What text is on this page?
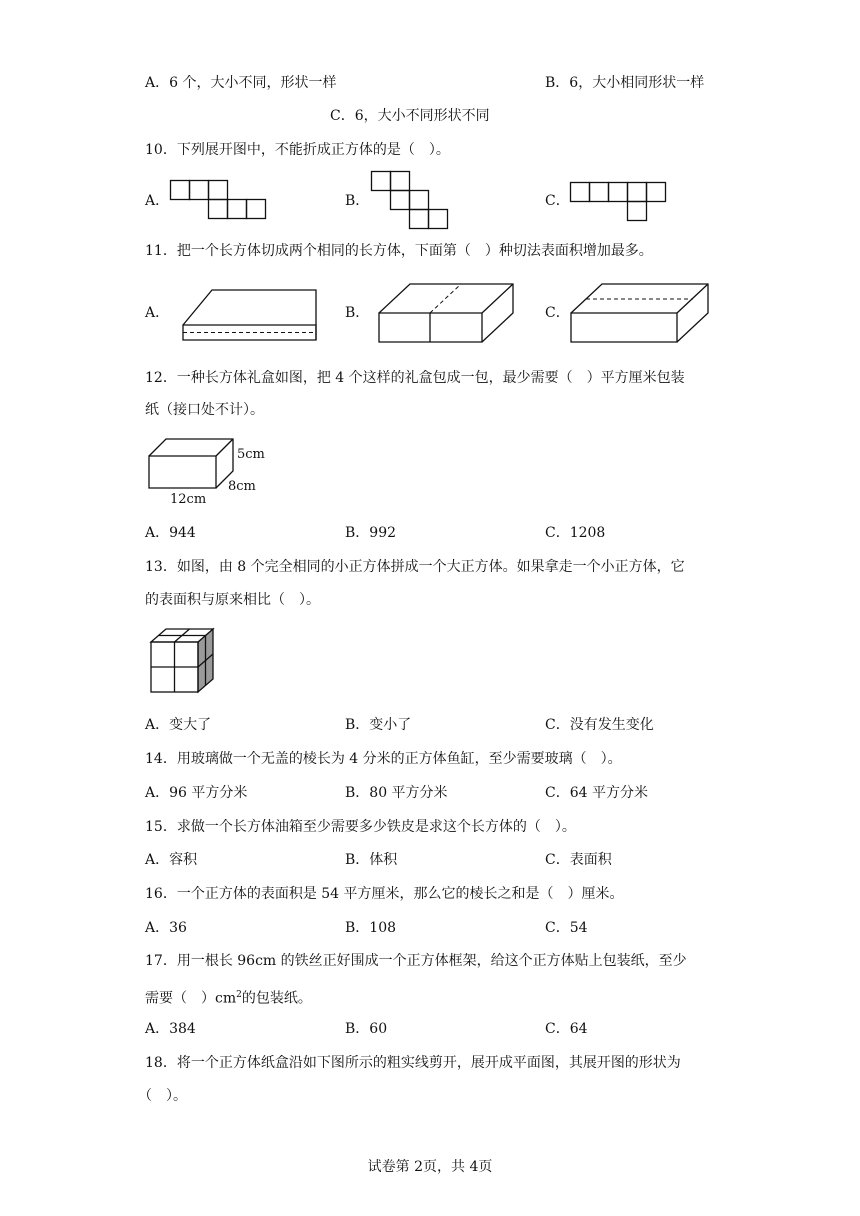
A．6 个，大小不同，形状一样	B．6，大小相同形状一样
C．6，大小不同形状不同
10．下列展开图中，不能折成正方体的是（　）。
A．	B．	C．
11．把一个长方体切成两个相同的长方体，下面第（　）种切法表面积增加最多。
A．	B．	C．
12．一种长方体礼盒如图，把 4 个这样的礼盒包成一包，最少需要（　）平方厘米包装
纸（接口处不计）。
5cm
8cm
12cm
A．944	B．992	C．1208
13．如图，由 8 个完全相同的小正方体拼成一个大正方体。如果拿走一个小正方体，它
的表面积与原来相比（　）。
A．变大了	B．变小了	C．没有发生变化
14．用玻璃做一个无盖的棱长为 4 分米的正方体鱼缸，至少需要玻璃（　）。
A．96 平方分米	B．80 平方分米	C．64 平方分米
15．求做一个长方体油箱至少需要多少铁皮是求这个长方体的（　）。
A．容积	B．体积	C．表面积
16．一个正方体的表面积是 54 平方厘米，那么它的棱长之和是（　）厘米。
A．36	B．108	C．54
17．用一根长 96cm 的铁丝正好围成一个正方体框架，给这个正方体贴上包装纸，至少
需要（　）$cm^2$的包装纸。
A．384	B．60	C．64
18．将一个正方体纸盒沿如下图所示的粗实线剪开，展开成平面图，其展开图的形状为
（　）。
试卷第 2页，共 4页
